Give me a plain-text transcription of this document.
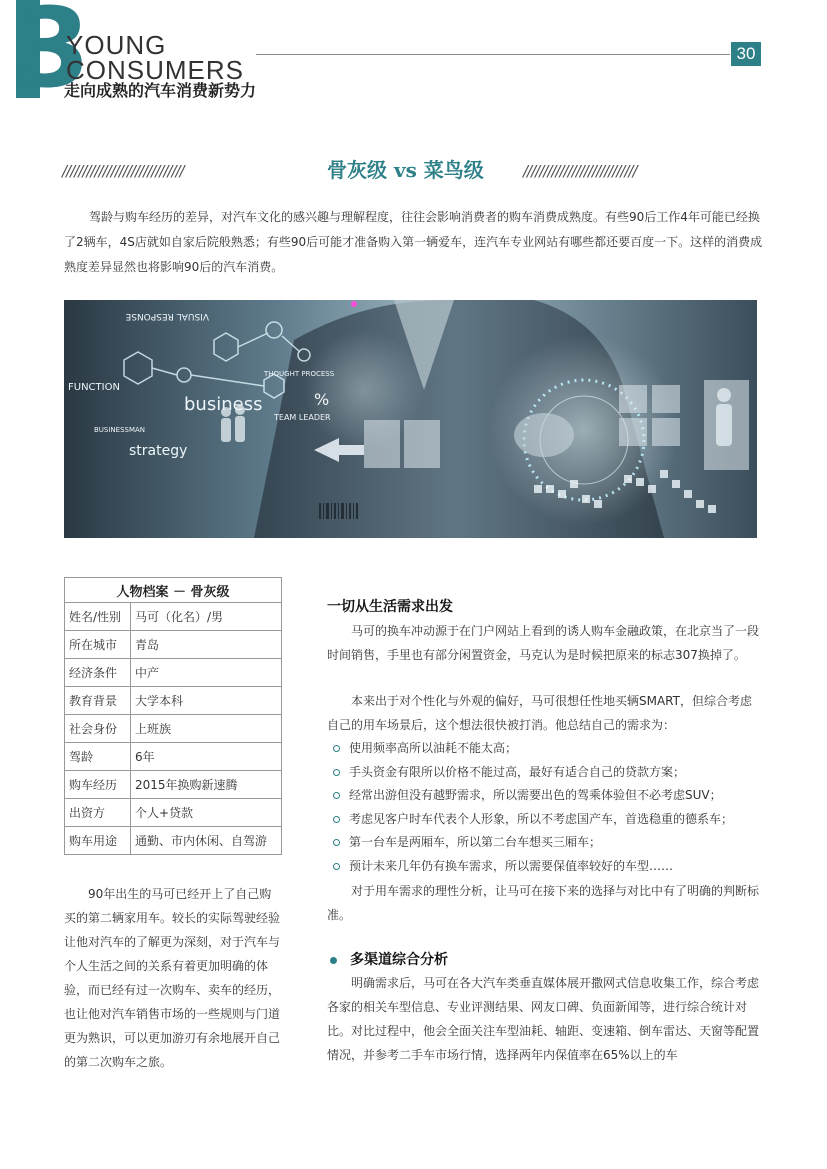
3
YOUNG
CONSUMERS
走向成熟的汽车消费新势力
30
//////////////////////////////	骨灰级 vs 菜鸟级	////////////////////////////

驾龄与购车经历的差异，对汽车文化的感兴趣与理解程度，往往会影响消费者的购车消费成熟度。有些90后工作4年可能已经换了2辆车，4S店就如自家后院般熟悉；有些90后可能才准备购入第一辆爱车，连汽车专业网站有哪些都还要百度一下。这样的消费成熟度差异显然也将影响90后的汽车消费。

VISUAL RESPONSE
FUNCTION
business
strategy
THOUGHT PROCESS
TEAM LEADER
%
BUSINESSMAN
人物档案 － 骨灰级	
姓名/性别	马可（化名）/男
所在城市	青岛
经济条件	中产
教育背景	大学本科
社会身份	上班族
驾龄	6年
购车经历	2015年换购新速腾
出资方	个人+贷款
购车用途	通勤、市内休闲、自驾游

90年出生的马可已经开上了自己购买的第二辆家用车。较长的实际驾驶经验让他对汽车的了解更为深刻，对于汽车与个人生活之间的关系有着更加明确的体验，而已经有过一次购车、卖车的经历，也让他对汽车销售市场的一些规则与门道更为熟识，可以更加游刃有余地展开自己的第二次购车之旅。

一切从生活需求出发

马可的换车冲动源于在门户网站上看到的诱人购车金融政策，在北京当了一段时间销售，手里也有部分闲置资金，马克认为是时候把原来的标志307换掉了。

本来出于对个性化与外观的偏好，马可很想任性地买辆SMART，但综合考虑自己的用车场景后，这个想法很快被打消。他总结自己的需求为：

使用频率高所以油耗不能太高；
手头资金有限所以价格不能过高，最好有适合自己的贷款方案；
经常出游但没有越野需求，所以需要出色的驾乘体验但不必考虑SUV；
考虑见客户时车代表个人形象，所以不考虑国产车，首选稳重的德系车；
第一台车是两厢车，所以第二台车想买三厢车；
预计未来几年仍有换车需求，所以需要保值率较好的车型……

对于用车需求的理性分析，让马可在接下来的选择与对比中有了明确的判断标准。

多渠道综合分析

明确需求后，马可在各大汽车类垂直媒体展开撒网式信息收集工作，综合考虑各家的相关车型信息、专业评测结果、网友口碑、负面新闻等，进行综合统计对比。对比过程中，他会全面关注车型油耗、轴距、变速箱、倒车雷达、天窗等配置情况，并参考二手车市场行情，选择两年内保值率在65%以上的车
